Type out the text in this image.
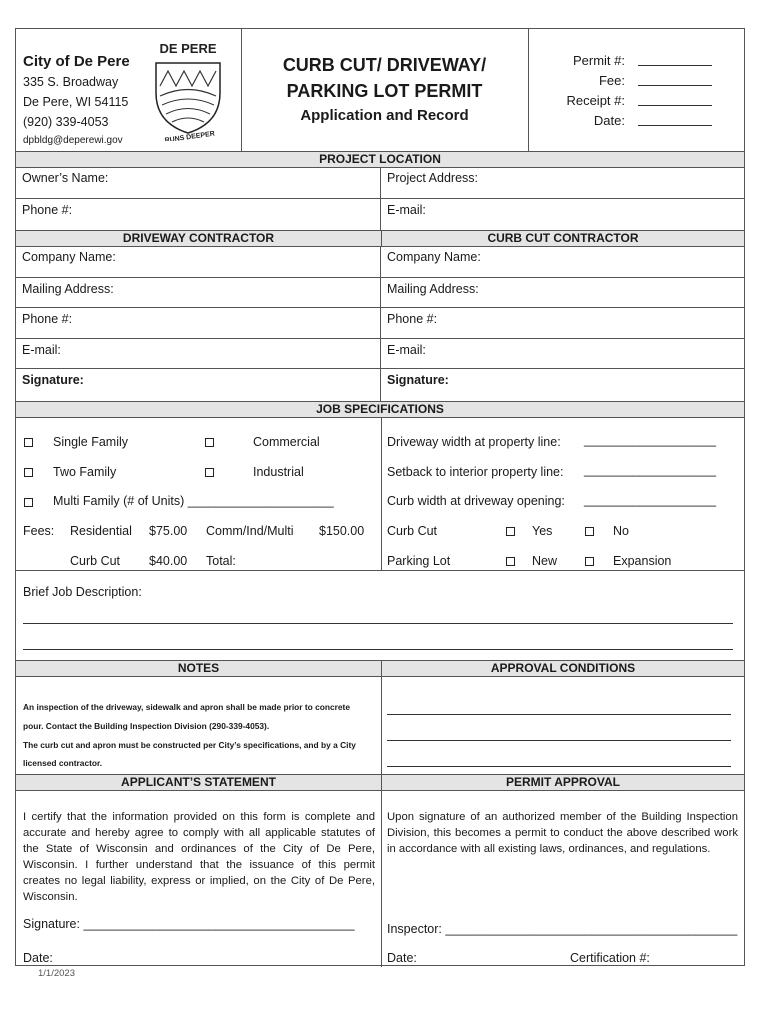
City of De Pere
335 S. Broadway
De Pere, WI 54115
(920) 339-4053
dpbldg@deperewi.gov
DE PERE
RUNS DEEPER
CURB CUT/ DRIVEWAY/
PARKING LOT PERMIT
Application and Record
Permit #:
Fee:
Receipt #:
Date:
PROJECT LOCATION
Owner’s Name:	Project Address:
Phone #:	E-mail:
DRIVEWAY CONTRACTOR	CURB CUT CONTRACTOR
Company Name:	Company Name:
Mailing Address:	Mailing Address:
Phone #:	Phone #:
E-mail:	E-mail:
Signature:	Signature:
JOB SPECIFICATIONS
Single Family	Commercial	Driveway width at property line: ___________________
Two Family	Industrial	Setback to interior property line: ___________________
Multi Family (# of Units) _____________________	Curb width at driveway opening: ___________________
Fees: Residential $75.00 Comm/Ind/Multi $150.00 Curb Cut	Yes	No
Curb Cut $40.00 Total:	Parking Lot	New	Expansion
Brief Job Description:
NOTES	APPROVAL CONDITIONS
An inspection of the driveway, sidewalk and apron shall be made prior to concrete
pour. Contact the Building Inspection Division (290-339-4053).
The curb cut and apron must be constructed per City’s specifications, and by a City
licensed contractor.
APPLICANT’S STATEMENT	PERMIT APPROVAL
I certify that the information provided on this form is complete and accurate and hereby agree to comply with all applicable statutes of the State of Wisconsin and ordinances of the City of De Pere, Wisconsin. I further understand that the issuance of this permit creates no legal liability, express or implied, on the City of De Pere, Wisconsin.
Upon signature of an authorized member of the Building Inspection Division, this becomes a permit to conduct the above described work in accordance with all existing laws, ordinances, and regulations.
Signature: _______________________________________	Inspector: __________________________________________
Date:	Date:	Certification #:
1/1/2023
